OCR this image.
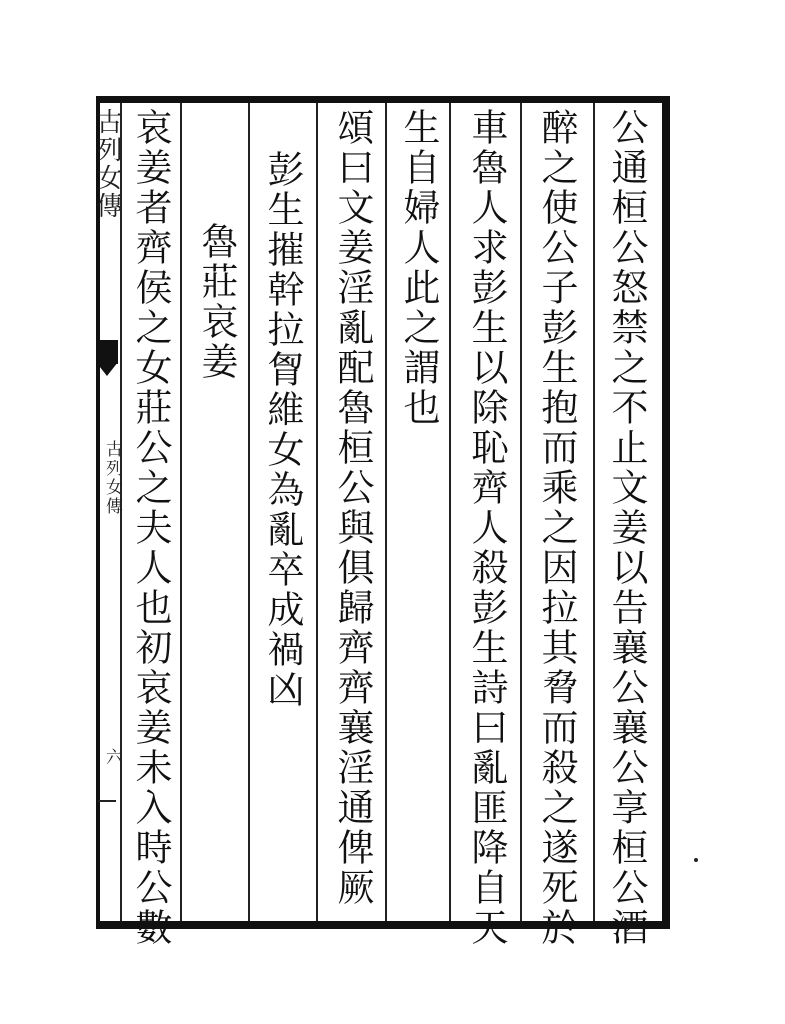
公通桓公怒禁之不止文姜以告襄公襄公享桓公酒
醉之使公子彭生抱而乘之因拉其脅而殺之遂死於
車魯人求彭生以除恥齊人殺彭生詩曰亂匪降自天
生自婦人此之謂也
頌曰文姜淫亂配魯桓公與俱歸齊齊襄淫通俾厥
彭生摧幹拉胷維女為亂卒成禍凶
魯莊哀姜
哀姜者齊侯之女莊公之夫人也初哀姜未入時公數
古列女傳
古列女傳
六
